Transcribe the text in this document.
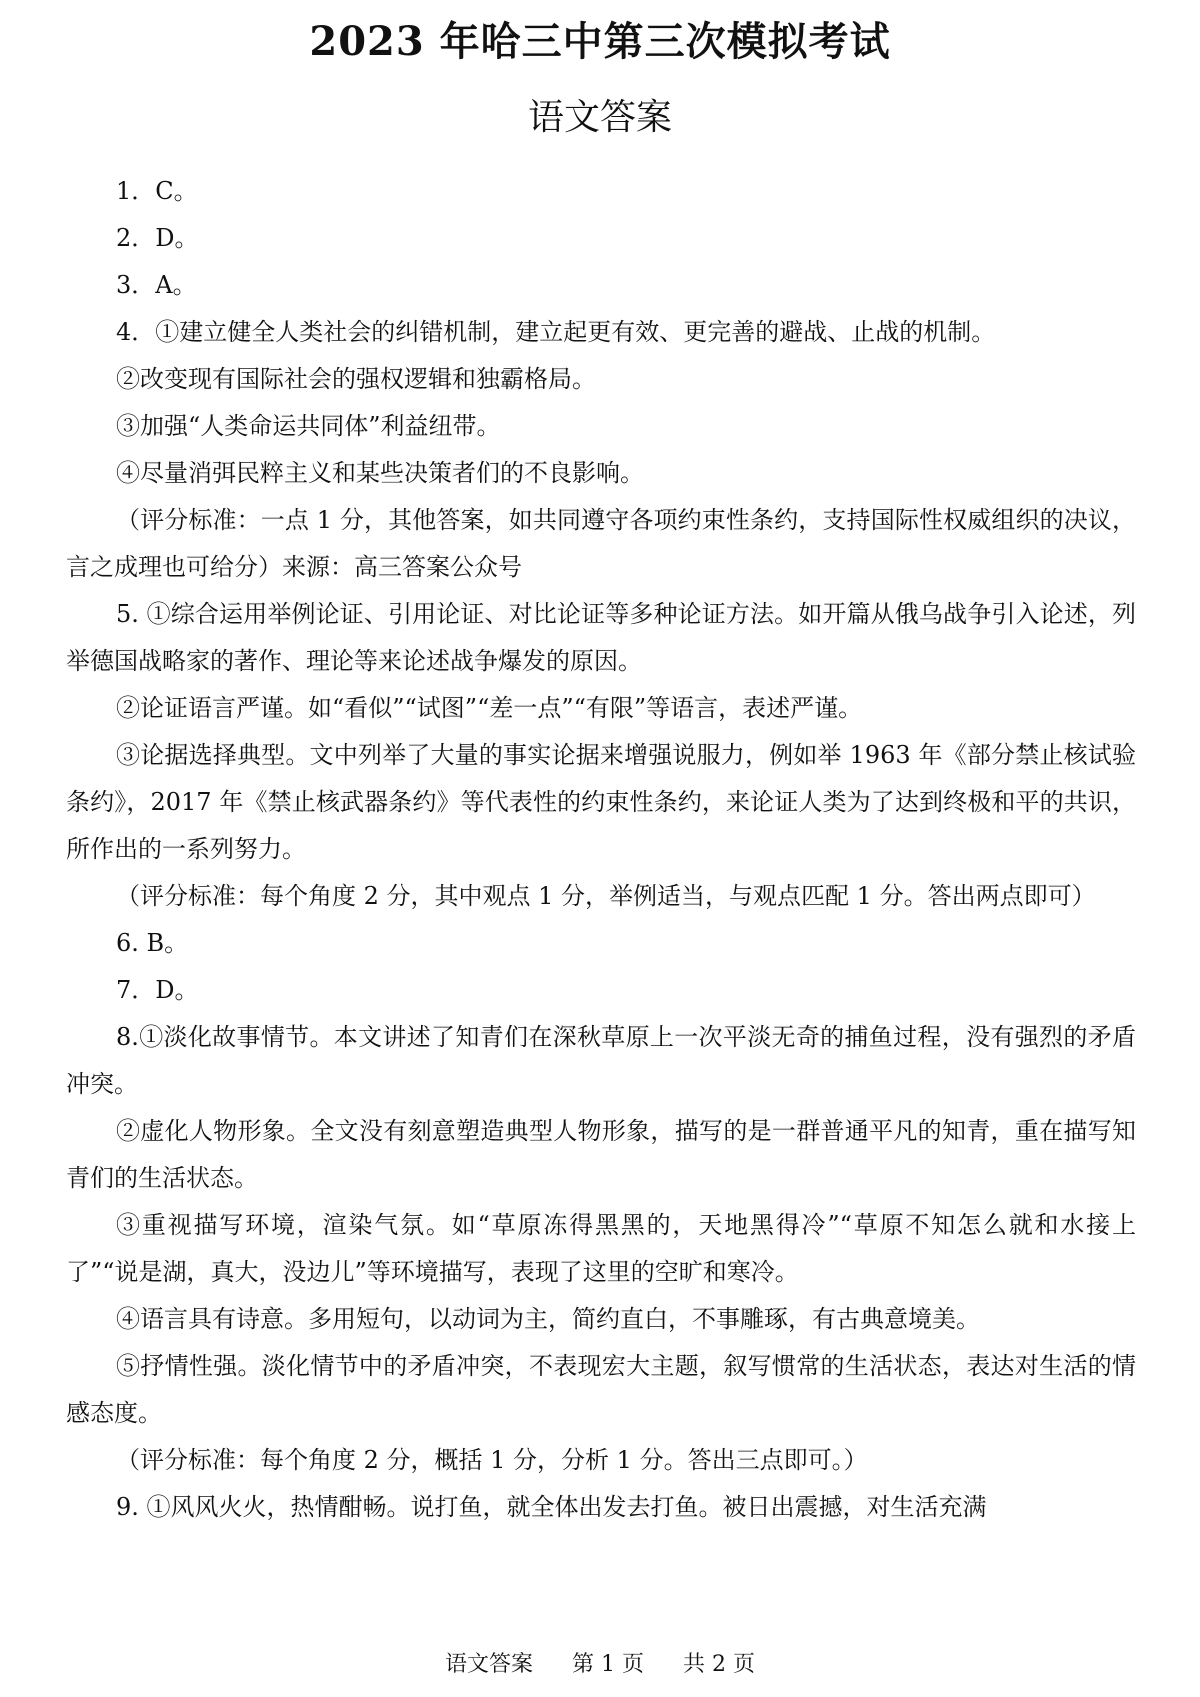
2023 年哈三中第三次模拟考试
语文答案

1．C。

2．D。

3．A。

4．①建立健全人类社会的纠错机制，建立起更有效、更完善的避战、止战的机制。

②改变现有国际社会的强权逻辑和独霸格局。

③加强“人类命运共同体”利益纽带。

④尽量消弭民粹主义和某些决策者们的不良影响。

（评分标准：一点 1 分，其他答案，如共同遵守各项约束性条约，支持国际性权威组织的决议，言之成理也可给分）来源：高三答案公众号

5. ①综合运用举例论证、引用论证、对比论证等多种论证方法。如开篇从俄乌战争引入论述，列举德国战略家的著作、理论等来论述战争爆发的原因。

②论证语言严谨。如“看似”“试图”“差一点”“有限”等语言，表述严谨。

③论据选择典型。文中列举了大量的事实论据来增强说服力，例如举 1963 年《部分禁止核试验条约》，2017 年《禁止核武器条约》等代表性的约束性条约，来论证人类为了达到终极和平的共识，所作出的一系列努力。

（评分标准：每个角度 2 分，其中观点 1 分，举例适当，与观点匹配 1 分。答出两点即可）

6. B。

7．D。

8.①淡化故事情节。本文讲述了知青们在深秋草原上一次平淡无奇的捕鱼过程，没有强烈的矛盾冲突。

②虚化人物形象。全文没有刻意塑造典型人物形象，描写的是一群普通平凡的知青，重在描写知青们的生活状态。

③重视描写环境，渲染气氛。如“草原冻得黑黑的，天地黑得冷”“草原不知怎么就和水接上了”“说是湖，真大，没边儿”等环境描写，表现了这里的空旷和寒冷。

④语言具有诗意。多用短句，以动词为主，简约直白，不事雕琢，有古典意境美。

⑤抒情性强。淡化情节中的矛盾冲突，不表现宏大主题，叙写惯常的生活状态，表达对生活的情感态度。

（评分标准：每个角度 2 分，概括 1 分，分析 1 分。答出三点即可。）

9. ①风风火火，热情酣畅。说打鱼，就全体出发去打鱼。被日出震撼，对生活充满

语文答案 第 1 页 共 2 页
